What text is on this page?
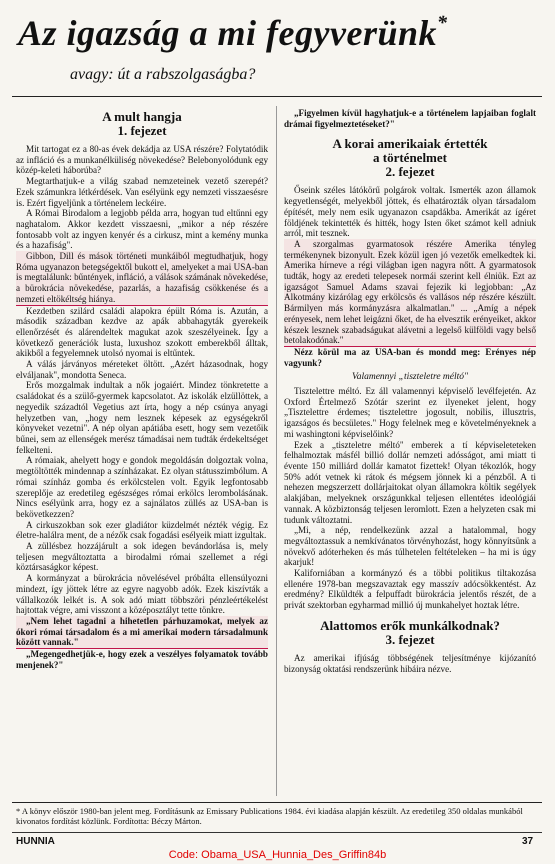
Az igazság a mi fegyverünk*
avagy: út a rabszolgaságba?
A mult hangja
1. fejezet

Mit tartogat ez a 80-as évek dekádja az USA részére? Folytatódik az infláció és a munkanélküliség növekedése? Belebonyolódunk egy közép-keleti háborúba?

Megtarthatjuk-e a világ szabad nemzeteinek vezető szerepét? Ezek számunkra létkérdések. Van esélyünk egy nemzeti visszaesésre is. Ezért figyeljünk a történelem leckéire.

A Római Birodalom a legjobb példa arra, hogyan tud eltűnni egy naghatalom. Akkor kezdett visszaesni, „mikor a nép részére fontosabb volt az ingyen kenyér és a cirkusz, mint a kemény munka és a hazafiság".

Gibbon, Dill és mások történeti munkáiból megtudhatjuk, hogy Róma ugyanazon betegségektől bukott el, amelyeket a mai USA-ban is megtalálunk: bűntények, infláció, a válások számának növekedése, a bürokrácia növekedése, pazarlás, a hazafiság csökkenése és a nemzeti eltökéltség hiánya.

Kezdetben szilárd családi alapokra épült Róma is. Azután, a második században kezdve az apák abbahagyták gyerekeik ellenőrzését és alárendeltek magukat azok szeszélyeinek. Így a következő generációk lusta, luxushoz szokott emberekből álltak, akikből a fegyelemnek utolsó nyomai is eltűntek.

A válás járványos méreteket öltött. „Azért házasodnak, hogy elváljanak", mondotta Seneca.

Erős mozgalmak indultak a nők jogaiért. Mindez tönkretette a családokat és a szülő-gyermek kapcsolatot. Az iskolák elzüllöttek, a negyedik századtól Vegetius azt írta, hogy a nép csúnya anyagi helyzetben van, „hogy nem lesznek képesek az egységekről könyveket vezetni". A nép olyan apátiába esett, hogy sem vezetőik bűnei, sem az ellenségek merész támadásai nem tudták érdekeltséget felkelteni.

A rómaiak, ahelyett hogy e gondok megoldásán dolgoztak volna, megtöltötték mindennap a színházakat. Ez olyan státusszimbólum. A római színház gomba és erkölcstelen volt. Egyik legfontosabb szereplője az eredetileg egészséges római erkölcs lerombolásának. Nincs esélyünk arra, hogy ez a sajnálatos züllés az USA-ban is bekövetkezzen?

A cirkuszokban sok ezer gladiátor küzdelmét nézték végig. Ez életre-halálra ment, de a nézők csak fogadási esélyeik miatt izgultak.

A züllésbez hozzájárult a sok idegen bevándorlása is, mely teljesen megváltoztatta a birodalmi római szellemet a régi köztársaságkor képest.

A kormányzat a bürokrácia növelésével próbálta ellensúlyozni mindezt, így jöttek létre az egyre nagyobb adók. Ezek kiszívták a vállalkozók lelkét is. A sok adó miatt többszöri pénzleértékelést hajtottak végre, ami visszont a középosztályt tette tönkre.

„Nem lehet tagadni a hihetetlen párhuzamokat, melyek az ókori római társadalom és a mi amerikai modern társadalmunk között vannak."

„Megengedhetjük-e, hogy ezek a veszélyes folyamatok tovább menjenek?"

„Figyelmen kívül hagyhatjuk-e a történelem lapjaiban foglalt drámai figyelmeztetéseket?"

A korai amerikaiak értették
a történelmet
2. fejezet

Őseink széles látókörű polgárok voltak. Ismerték azon államok kegyetlenségét, melyekből jöttek, és elhatározták olyan társadalom építését, mely nem esik ugyanazon csapdákba. Amerikát az ígéret földjének tekintették és hitték, hogy Isten őket számot kell adniuk arról, mit tesznek.

A szorgalmas gyarmatosok részére Amerika tényleg termékenynek bizonyult. Ezek közül igen jó vezetők emelkedtek ki. Amerika hírneve a régi világban igen nagyra nőtt. A gyarmatosok tudták, hogy az eredeti telepesek normái szerint kell élniük. Ezt az igazságot Samuel Adams szavai fejezik ki legjobban: „Az Alkotmány kizárólag egy erkölcsös és vallásos nép részére készült. Bármilyen más kormányzásra alkalmatlan." ... „Amíg a népek erényesek, nem lehet leigázni őket, de ha elvesztik erényeiket, akkor készek lesznek szabadságukat alávetni a legelső külföldi vagy belső betolakodónak."

Nézz körül ma az USA-ban és mondd meg: Erényes nép vagyunk?

Valamennyi „tiszteletre méltó"

Tisztelettre méltó. Ez áll valamennyi képviselő levélfejetén. Az Oxford Értelmező Szótár szerint ez ilyeneket jelent, hogy „Tisztelettre érdemes; tisztelettre jogosult, nobilis, illusztris, igazságos és becsületes." Hogy felelnek meg e követelményeknek a mi washingtoni képviselőink?

Ezek a „tiszteletre méltó" emberek a tí képviseleteteken felhalmoztak másfél billió dollár nemzeti adósságot, ami miatt ti évente 150 milliárd dollár kamatot fizettek! Olyan tékozlók, hogy 50% adót vetnek ki rátok és mégsem jönnek ki a pénzből. A ti nehezen megszerzett dollárjaitokat olyan államokra költik segélyek alakjában, melyeknek országunkkal teljesen ellentétes ideológiái vannak. A közbiztonság teljesen leromlott. Ezen a helyzeten csak mi tudunk változtatni.

„Mi, a nép, rendelkezünk azzal a hatalommal, hogy megváltoztassuk a nemkívánatos törvényhozást, hogy könnyítsünk a növekvő adóterheken és más túlhetelen feltételeken – ha mi is úgy akarjuk!

Kaliforniában a kormányzó és a többi politikus tiltakozása ellenére 1978-ban megszavaztak egy masszív adócsökkentést. Az eredmény? Elküldték a felpuffadt bürokrácia jelentős részét, de a privát szektorban egyharmad millió új munkahelyet hoztak létre.

Alattomos erők munkálkodnak?
3. fejezet

Az amerikai ifjúság többségének teljesítménye kijózanító bizonyság oktatási rendszerünk hibáira nézve.

* A könyv először 1980-ban jelent meg. Fordításunk az Emissary Publications 1984. évi kiadása alapján készült. Az eredetileg 350 oldalas munkából kivonatos fordítást közlünk. Fordította: Béczy Márton.
HUNNIA	37
Code: Obama_USA_Hunnia_Des_Griffin84b
